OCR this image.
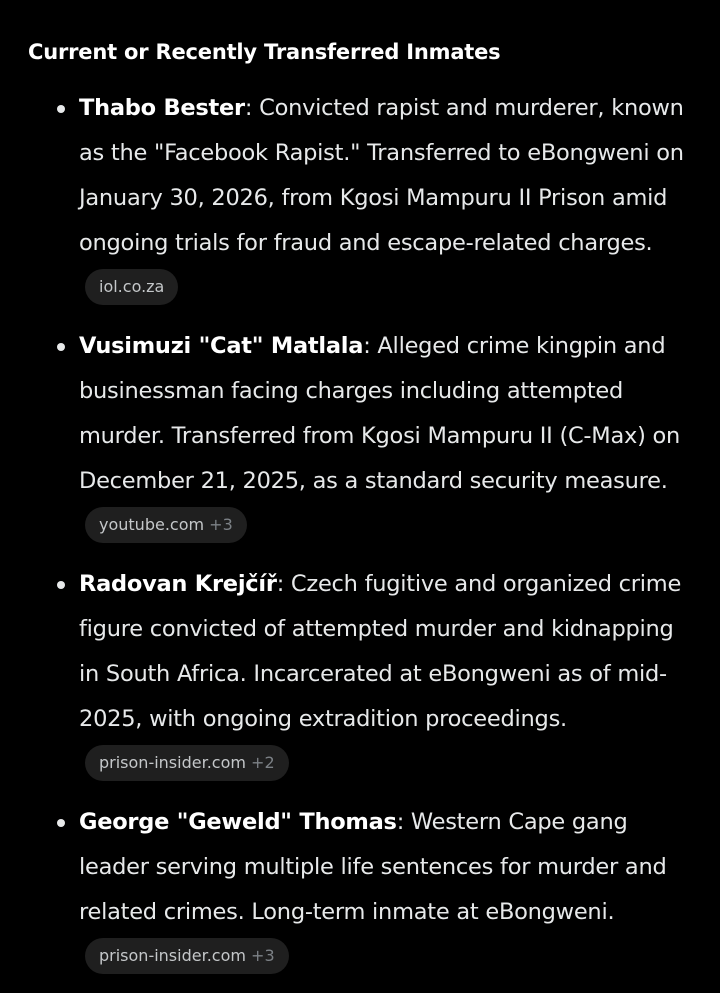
Current or Recently Transferred Inmates
Thabo Bester: Convicted rapist and murderer, known as the "Facebook Rapist." Transferred to eBongweni on January 30, 2026, from Kgosi Mampuru II Prison amid ongoing trials for fraud and escape-related charges. iol.co.za
Vusimuzi "Cat" Matlala: Alleged crime kingpin and businessman facing charges including attempted murder. Transferred from Kgosi Mampuru II (C-Max) on December 21, 2025, as a standard security measure. youtube.com +3
Radovan Krejčíř: Czech fugitive and organized crime figure convicted of attempted murder and kidnapping in South Africa. Incarcerated at eBongweni as of mid-2025, with ongoing extradition proceedings. prison-insider.com +2
George "Geweld" Thomas: Western Cape gang leader serving multiple life sentences for murder and related crimes. Long-term inmate at eBongweni. prison-insider.com +3
